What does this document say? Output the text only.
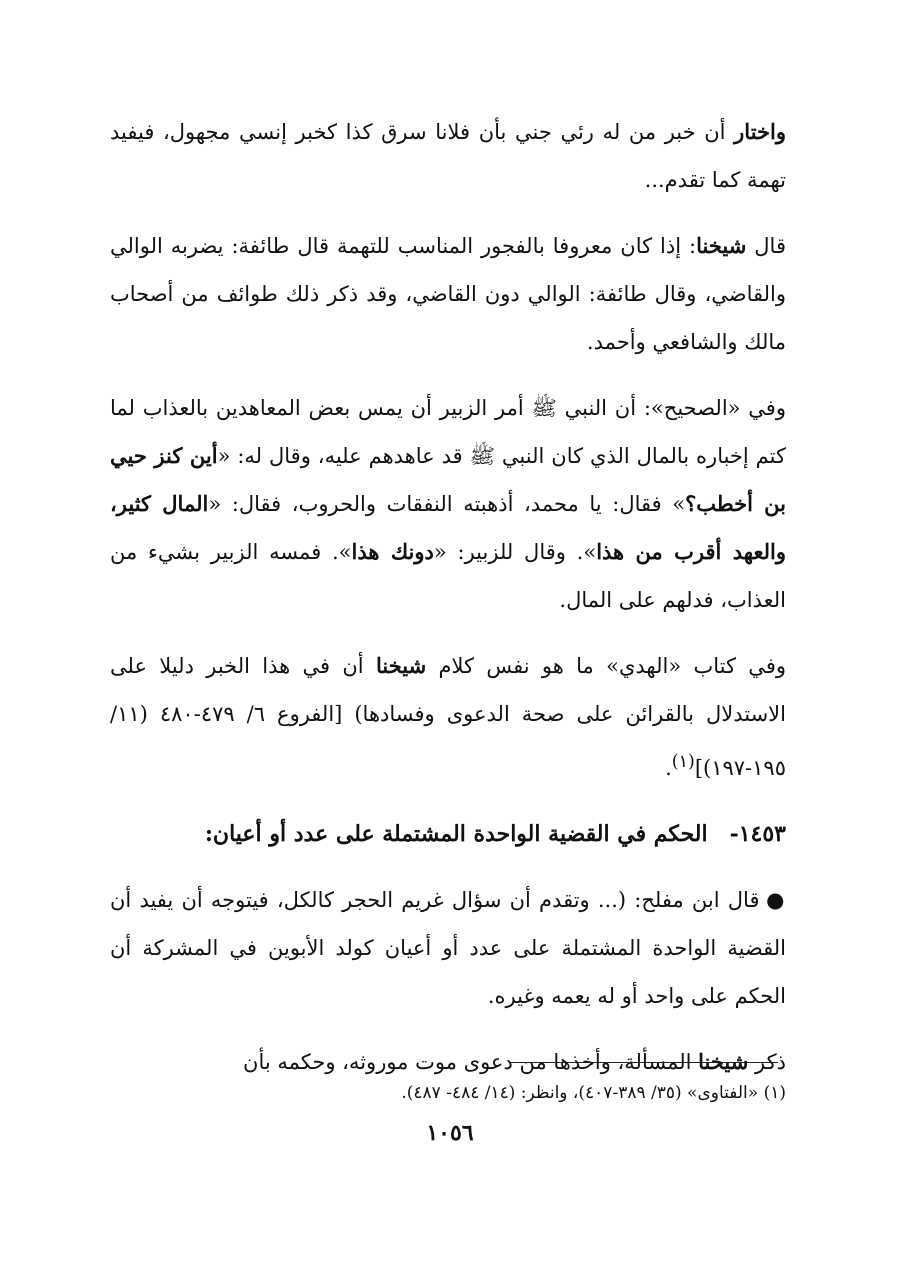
واختار أن خبر من له رئي جني بأن فلانا سرق كذا كخبر إنسي مجهول، فيفيد تهمة كما تقدم...

قال شيخنا: إذا كان معروفا بالفجور المناسب للتهمة قال طائفة: يضربه الوالي والقاضي، وقال طائفة: الوالي دون القاضي، وقد ذكر ذلك طوائف من أصحاب مالك والشافعي وأحمد.

وفي «الصحيح»: أن النبي ﷺ أمر الزبير أن يمس بعض المعاهدين بالعذاب لما كتم إخباره بالمال الذي كان النبي ﷺ قد عاهدهم عليه، وقال له: «أين كنز حيي بن أخطب؟» فقال: يا محمد، أذهبته النفقات والحروب، فقال: «المال كثير، والعهد أقرب من هذا». وقال للزبير: «دونك هذا». فمسه الزبير بشيء من العذاب، فدلهم على المال.

وفي كتاب «الهدي» ما هو نفس كلام شيخنا أن في هذا الخبر دليلا على الاستدلال بالقرائن على صحة الدعوى وفسادها) [الفروع ٦/ ٤٧٩-٤٨٠ (١١/ ١٩٥-١٩٧)]$^{(١)}$.

١٤٥٣-الحكم في القضية الواحدة المشتملة على عدد أو أعيان:

● قال ابن مفلح: (... وتقدم أن سؤال غريم الحجر كالكل، فيتوجه أن يفيد أن القضية الواحدة المشتملة على عدد أو أعيان كولد الأبوين في المشركة أن الحكم على واحد أو له يعمه وغيره.

ذكر شيخنا المسألة، وأخذها من دعوى موت موروثه، وحكمه بأن

(١) «الفتاوى» (٣٥/ ٣٨٩-٤٠٧)، وانظر: (١٤/ ٤٨٤- ٤٨٧).

١٠٥٦
